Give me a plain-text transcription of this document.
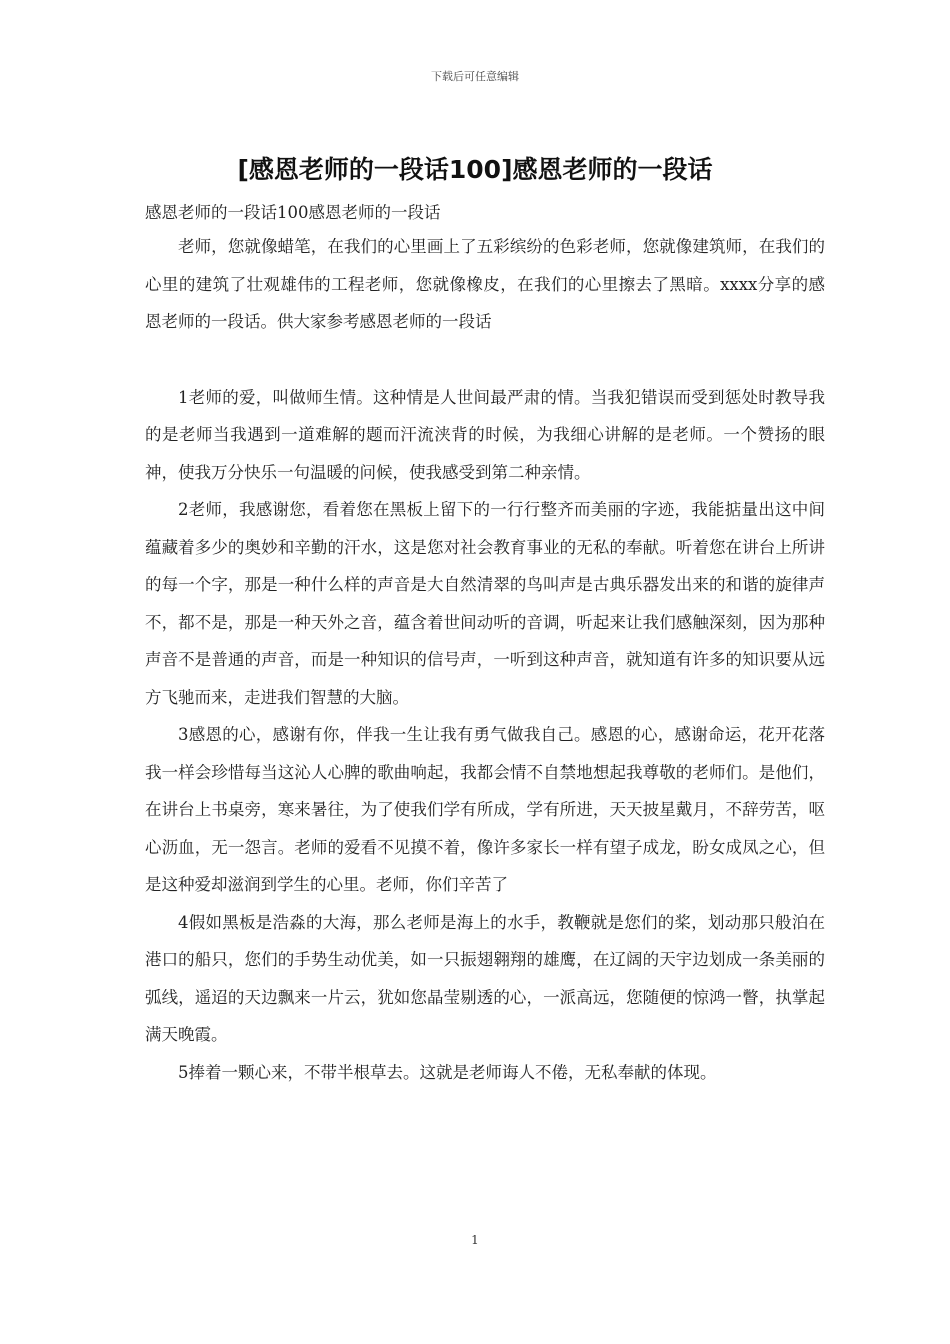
下载后可任意编辑
[感恩老师的一段话100]感恩老师的一段话

感恩老师的一段话100感恩老师的一段话

老师，您就像蜡笔，在我们的心里画上了五彩缤纷的色彩老师，您就像建筑师，在我们的心里的建筑了壮观雄伟的工程老师，您就像橡皮，在我们的心里擦去了黑暗。xxxx分享的感恩老师的一段话。供大家参考感恩老师的一段话

1老师的爱，叫做师生情。这种情是人世间最严肃的情。当我犯错误而受到惩处时教导我的是老师当我遇到一道难解的题而汗流浃背的时候，为我细心讲解的是老师。一个赞扬的眼神，使我万分快乐一句温暖的问候，使我感受到第二种亲情。

2老师，我感谢您，看着您在黑板上留下的一行行整齐而美丽的字迹，我能掂量出这中间蕴藏着多少的奥妙和辛勤的汗水，这是您对社会教育事业的无私的奉献。听着您在讲台上所讲的每一个字，那是一种什么样的声音是大自然清翠的鸟叫声是古典乐器发出来的和谐的旋律声不，都不是，那是一种天外之音，蕴含着世间动听的音调，听起来让我们感触深刻，因为那种声音不是普通的声音，而是一种知识的信号声，一听到这种声音，就知道有许多的知识要从远方飞驰而来，走进我们智慧的大脑。

3感恩的心，感谢有你，伴我一生让我有勇气做我自己。感恩的心，感谢命运，花开花落我一样会珍惜每当这沁人心脾的歌曲响起，我都会情不自禁地想起我尊敬的老师们。是他们，在讲台上书桌旁，寒来暑往，为了使我们学有所成，学有所进，天天披星戴月，不辞劳苦，呕心沥血，无一怨言。老师的爱看不见摸不着，像许多家长一样有望子成龙，盼女成凤之心，但是这种爱却滋润到学生的心里。老师，你们辛苦了

4假如黑板是浩淼的大海，那么老师是海上的水手，教鞭就是您们的桨，划动那只般泊在港口的船只，您们的手势生动优美，如一只振翅翱翔的雄鹰，在辽阔的天宇边划成一条美丽的弧线，遥迢的天边飘来一片云，犹如您晶莹剔透的心，一派高远，您随便的惊鸿一瞥，执掌起满天晚霞。

5捧着一颗心来，不带半根草去。这就是老师诲人不倦，无私奉献的体现。

1
